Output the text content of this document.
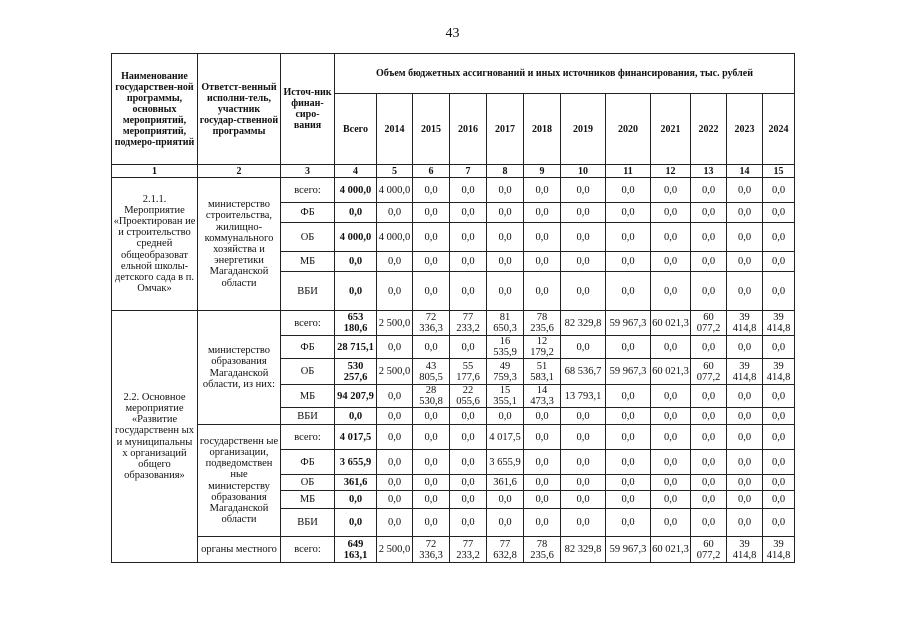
43
Наименование государствен-ной программы, основных мероприятий, мероприятий, подмеро-приятий	Ответст-венный исполни-тель, участник государ-ственной программы	Источ-ник финан-сиро-вания	Объем бюджетных ассигнований и иных источников финансирования, тыс. рублей											
			Всего	2014	2015	2016	2017	2018	2019	2020	2021	2022	2023	2024
1	2	3	4	5	6	7	8	9	10	11	12	13	14	15
2.1.1. Мероприятие «Проектирован ие и строительство средней общеобразоват ельной школы-детского сада в п. Омчак»	министерство строительства, жилищно-коммунального хозяйства и энергетики Магаданской области	всего:	4 000,0	4 000,0	0,0	0,0	0,0	0,0	0,0	0,0	0,0	0,0	0,0	0,0
		ФБ	0,0	0,0	0,0	0,0	0,0	0,0	0,0	0,0	0,0	0,0	0,0	0,0
		ОБ	4 000,0	4 000,0	0,0	0,0	0,0	0,0	0,0	0,0	0,0	0,0	0,0	0,0
		МБ	0,0	0,0	0,0	0,0	0,0	0,0	0,0	0,0	0,0	0,0	0,0	0,0
		ВБИ	0,0	0,0	0,0	0,0	0,0	0,0	0,0	0,0	0,0	0,0	0,0	0,0
2.2. Основное мероприятие «Развитие государственн ых и муниципальны х организаций общего образования»	министерство образования Магаданской области, из них:	всего:	653 180,6	2 500,0	72 336,3	77 233,2	81 650,3	78 235,6	82 329,8	59 967,3	60 021,3	60 077,2	39 414,8	39 414,8
		ФБ	28 715,1	0,0	0,0	0,0	16 535,9	12 179,2	0,0	0,0	0,0	0,0	0,0	0,0
		ОБ	530 257,6	2 500,0	43 805,5	55 177,6	49 759,3	51 583,1	68 536,7	59 967,3	60 021,3	60 077,2	39 414,8	39 414,8
		МБ	94 207,9	0,0	28 530,8	22 055,6	15 355,1	14 473,3	13 793,1	0,0	0,0	0,0	0,0	0,0
		ВБИ	0,0	0,0	0,0	0,0	0,0	0,0	0,0	0,0	0,0	0,0	0,0	0,0
	государственн ые организации, подведомствен ные министерству образования Магаданской области	всего:	4 017,5	0,0	0,0	0,0	4 017,5	0,0	0,0	0,0	0,0	0,0	0,0	0,0
		ФБ	3 655,9	0,0	0,0	0,0	3 655,9	0,0	0,0	0,0	0,0	0,0	0,0	0,0
		ОБ	361,6	0,0	0,0	0,0	361,6	0,0	0,0	0,0	0,0	0,0	0,0	0,0
		МБ	0,0	0,0	0,0	0,0	0,0	0,0	0,0	0,0	0,0	0,0	0,0	0,0
		ВБИ	0,0	0,0	0,0	0,0	0,0	0,0	0,0	0,0	0,0	0,0	0,0	0,0
	органы местного	всего:	649 163,1	2 500,0	72 336,3	77 233,2	77 632,8	78 235,6	82 329,8	59 967,3	60 021,3	60 077,2	39 414,8	39 414,8
